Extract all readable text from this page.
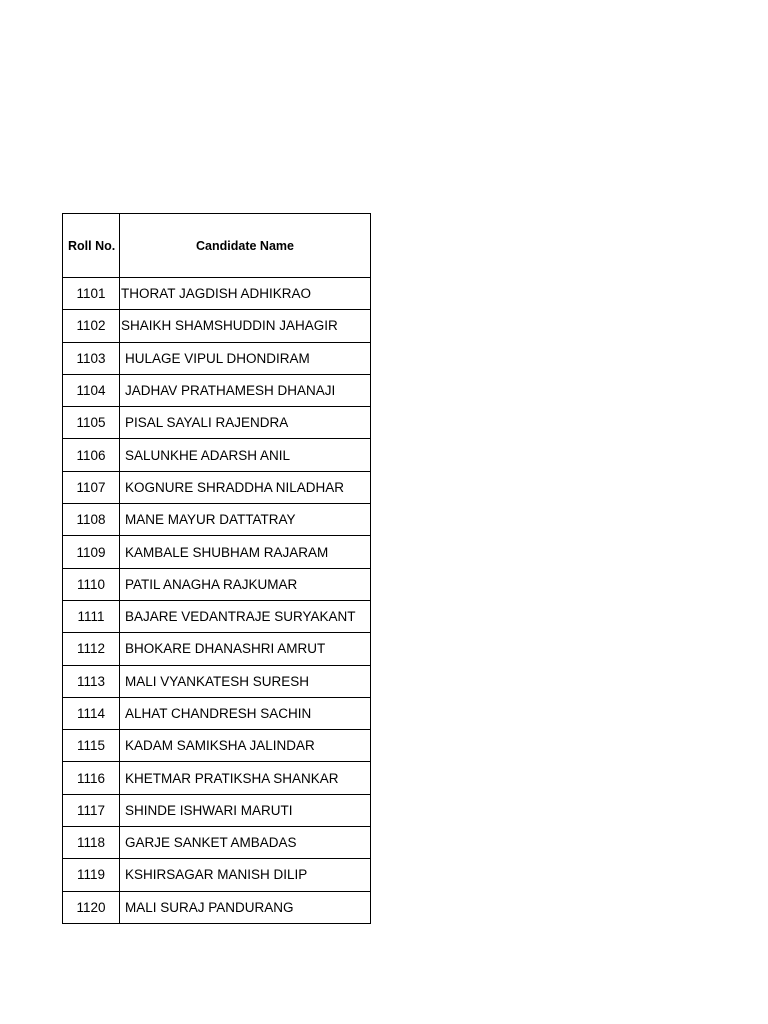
Roll No.	Candidate Name
1101	THORAT JAGDISH ADHIKRAO
1102	SHAIKH SHAMSHUDDIN JAHAGIR
1103	HULAGE VIPUL DHONDIRAM
1104	JADHAV PRATHAMESH DHANAJI
1105	PISAL SAYALI RAJENDRA
1106	SALUNKHE ADARSH ANIL
1107	KOGNURE SHRADDHA NILADHAR
1108	MANE MAYUR DATTATRAY
1109	KAMBALE SHUBHAM RAJARAM
1110	PATIL ANAGHA RAJKUMAR
1111	BAJARE VEDANTRAJE SURYAKANT
1112	BHOKARE DHANASHRI AMRUT
1113	MALI VYANKATESH SURESH
1114	ALHAT CHANDRESH SACHIN
1115	KADAM SAMIKSHA JALINDAR
1116	KHETMAR PRATIKSHA SHANKAR
1117	SHINDE ISHWARI MARUTI
1118	GARJE SANKET AMBADAS
1119	KSHIRSAGAR MANISH DILIP
1120	MALI SURAJ PANDURANG
